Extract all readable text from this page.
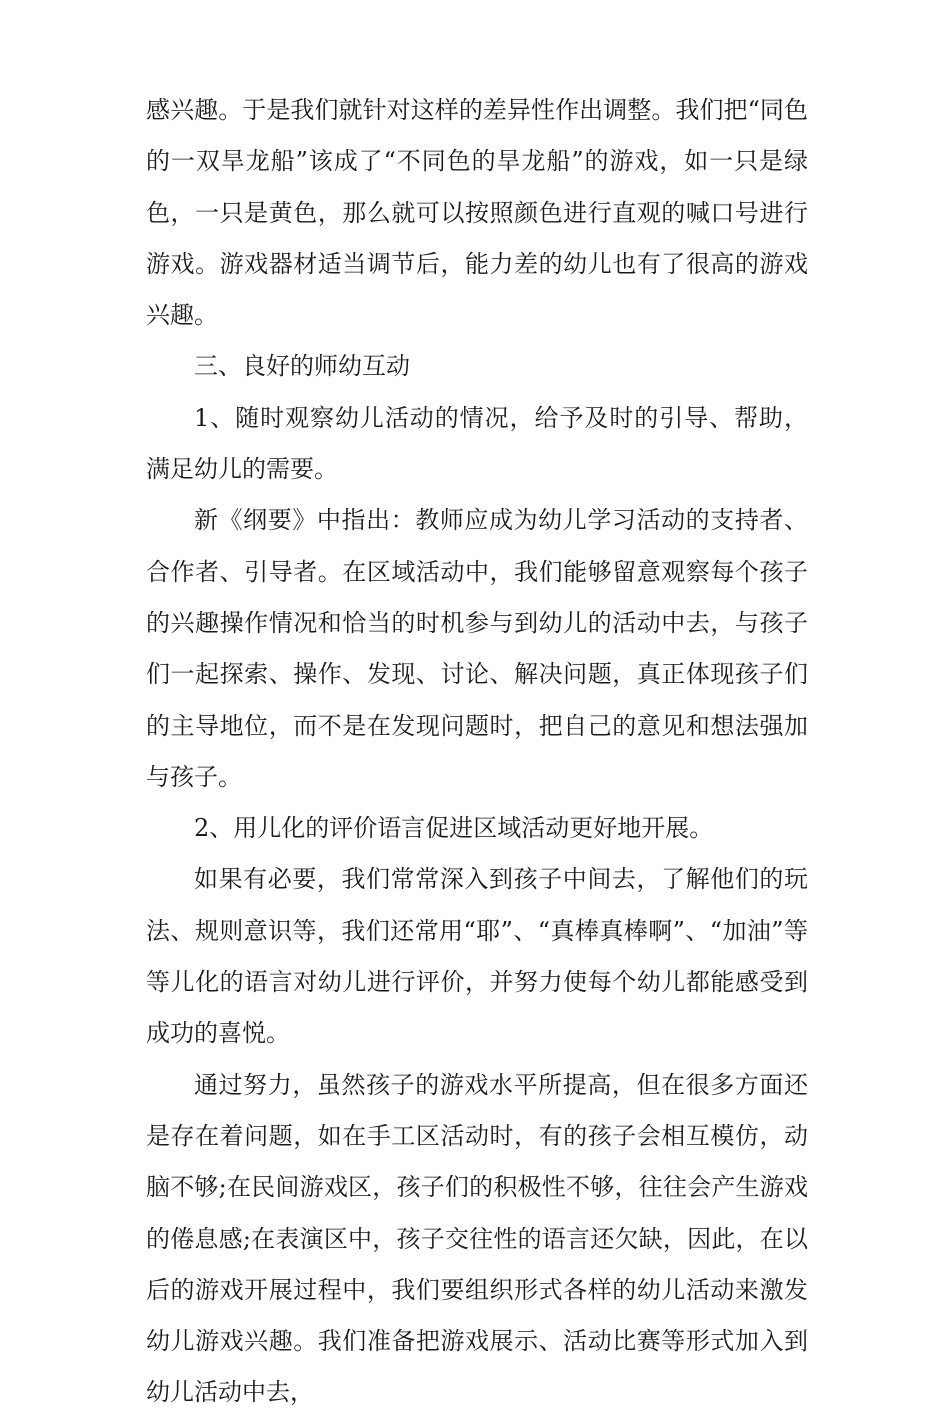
感兴趣。于是我们就针对这样的差异性作出调整。我们把“同色的一双旱龙船”该成了“不同色的旱龙船”的游戏，如一只是绿色，一只是黄色，那么就可以按照颜色进行直观的喊口号进行游戏。游戏器材适当调节后，能力差的幼儿也有了很高的游戏兴趣。

三、良好的师幼互动

1、随时观察幼儿活动的情况，给予及时的引导、帮助，满足幼儿的需要。

新《纲要》中指出：教师应成为幼儿学习活动的支持者、合作者、引导者。在区域活动中，我们能够留意观察每个孩子的兴趣操作情况和恰当的时机参与到幼儿的活动中去，与孩子们一起探索、操作、发现、讨论、解决问题，真正体现孩子们的主导地位，而不是在发现问题时，把自己的意见和想法强加与孩子。

2、用儿化的评价语言促进区域活动更好地开展。

如果有必要，我们常常深入到孩子中间去，了解他们的玩法、规则意识等，我们还常用“耶”、“真棒真棒啊”、“加油”等等儿化的语言对幼儿进行评价，并努力使每个幼儿都能感受到成功的喜悦。

通过努力，虽然孩子的游戏水平所提高，但在很多方面还是存在着问题，如在手工区活动时，有的孩子会相互模仿，动脑不够;在民间游戏区，孩子们的积极性不够，往往会产生游戏的倦息感;在表演区中，孩子交往性的语言还欠缺，因此，在以后的游戏开展过程中，我们要组织形式各样的幼儿活动来激发幼儿游戏兴趣。我们准备把游戏展示、活动比赛等形式加入到幼儿活动中去，
